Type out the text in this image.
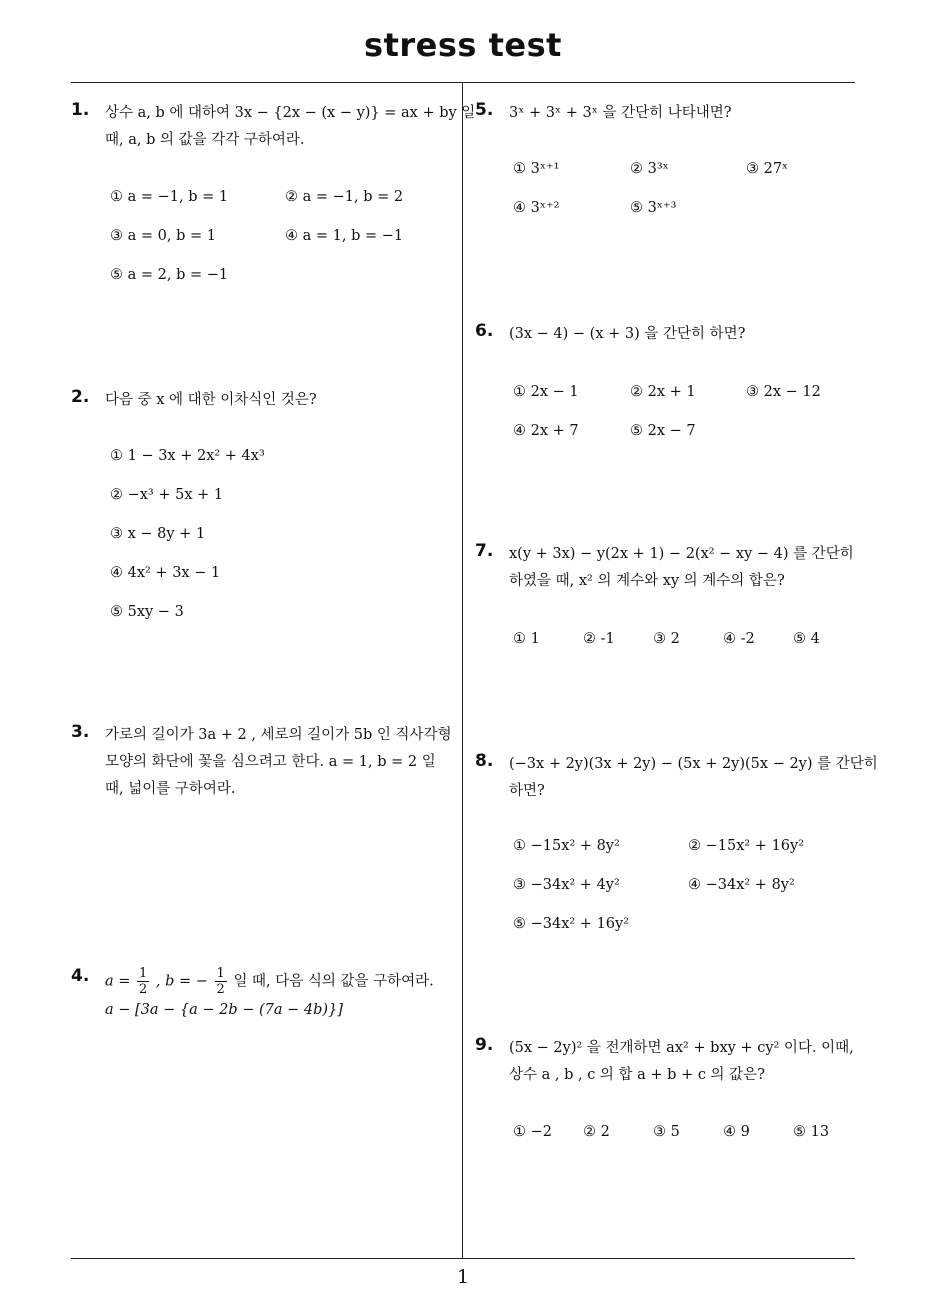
stress test
1
1. 상수 a, b 에 대하여 3x − {2x − (x − y)} = ax + by 일
때, a, b 의 값을 각각 구하여라.
① a = −1, b = 1	② a = −1, b = 2
③ a = 0, b = 1	④ a = 1, b = −1
⑤ a = 2, b = −1
2. 다음 중 x 에 대한 이차식인 것은?
① 1 − 3x + 2x² + 4x³
② −x³ + 5x + 1
③ x − 8y + 1
④ 4x² + 3x − 1
⑤ 5xy − 3
3. 가로의 길이가 3a + 2 , 세로의 길이가 5b 인 직사각형
모양의 화단에 꽃을 심으려고 한다. a = 1, b = 2 일
때, 넓이를 구하여라.
4. $a = \frac{1}{2}$ , b = − $\frac{1}{2}$ 일 때, 다음 식의 값을 구하여라.
a − [3a − {a − 2b − (7a − 4b)}]
5. 3ˣ + 3ˣ + 3ˣ 을 간단히 나타내면?
① 3ˣ⁺¹	② 3³ˣ	③ 27ˣ
④ 3ˣ⁺²	⑤ 3ˣ⁺³
6. (3x − 4) − (x + 3) 을 간단히 하면?
① 2x − 1	② 2x + 1	③ 2x − 12
④ 2x + 7	⑤ 2x − 7
7. x(y + 3x) − y(2x + 1) − 2(x² − xy − 4) 를 간단히
하였을 때, x² 의 계수와 xy 의 계수의 합은?
① 1	② -1	③ 2	④ -2	⑤ 4
8. (−3x + 2y)(3x + 2y) − (5x + 2y)(5x − 2y) 를 간단히
하면?
① −15x² + 8y²	② −15x² + 16y²
③ −34x² + 4y²	④ −34x² + 8y²
⑤ −34x² + 16y²
9. (5x − 2y)² 을 전개하면 ax² + bxy + cy² 이다. 이때,
상수 a , b , c 의 합 a + b + c 의 값은?
① −2 ② 2	③ 5	④ 9	⑤ 13
